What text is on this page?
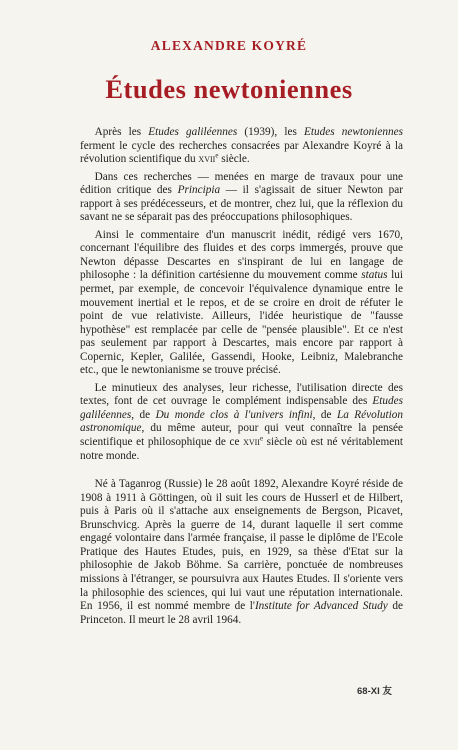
ALEXANDRE KOYRÉ
Études newtoniennes

Après les Etudes galiléennes (1939), les Etudes newtoniennes ferment le cycle des recherches consacrées par Alexandre Koyré à la révolution scientifique du xvii$^e$ siècle.

Dans ces recherches — menées en marge de travaux pour une édition critique des Principia — il s'agissait de situer Newton par rapport à ses prédécesseurs, et de montrer, chez lui, que la réflexion du savant ne se séparait pas des préoccupations philosophiques.

Ainsi le commentaire d'un manuscrit inédit, rédigé vers 1670, concernant l'équilibre des fluides et des corps immergés, prouve que Newton dépasse Descartes en s'inspirant de lui en langage de philosophe : la définition cartésienne du mouvement comme status lui permet, par exemple, de concevoir l'équivalence dynamique entre le mouvement inertial et le repos, et de se croire en droit de réfuter le point de vue relativiste. Ailleurs, l'idée heuristique de "fausse hypothèse" est remplacée par celle de "pensée plausible". Et ce n'est pas seulement par rapport à Descartes, mais encore par rapport à Copernic, Kepler, Galilée, Gassendi, Hooke, Leibniz, Malebranche etc., que le newtonianisme se trouve précisé.

Le minutieux des analyses, leur richesse, l'utilisation directe des textes, font de cet ouvrage le complément indispensable des Etudes galiléennes, de Du monde clos à l'univers infini, de La Révolution astronomique, du même auteur, pour qui veut connaître la pensée scientifique et philosophique de ce xvii$^e$ siècle où est né véritablement notre monde.

Né à Taganrog (Russie) le 28 août 1892, Alexandre Koyré réside de 1908 à 1911 à Göttingen, où il suit les cours de Husserl et de Hilbert, puis à Paris où il s'attache aux enseignements de Bergson, Picavet, Brunschvicg. Après la guerre de 14, durant laquelle il sert comme engagé volontaire dans l'armée française, il passe le diplôme de l'Ecole Pratique des Hautes Etudes, puis, en 1929, sa thèse d'Etat sur la philosophie de Jakob Böhme. Sa carrière, ponctuée de nombreuses missions à l'étranger, se poursuivra aux Hautes Etudes. Il s'oriente vers la philosophie des sciences, qui lui vaut une réputation internationale. En 1956, il est nommé membre de l'Institute for Advanced Study de Princeton. Il meurt le 28 avril 1964.

68-XI 友
